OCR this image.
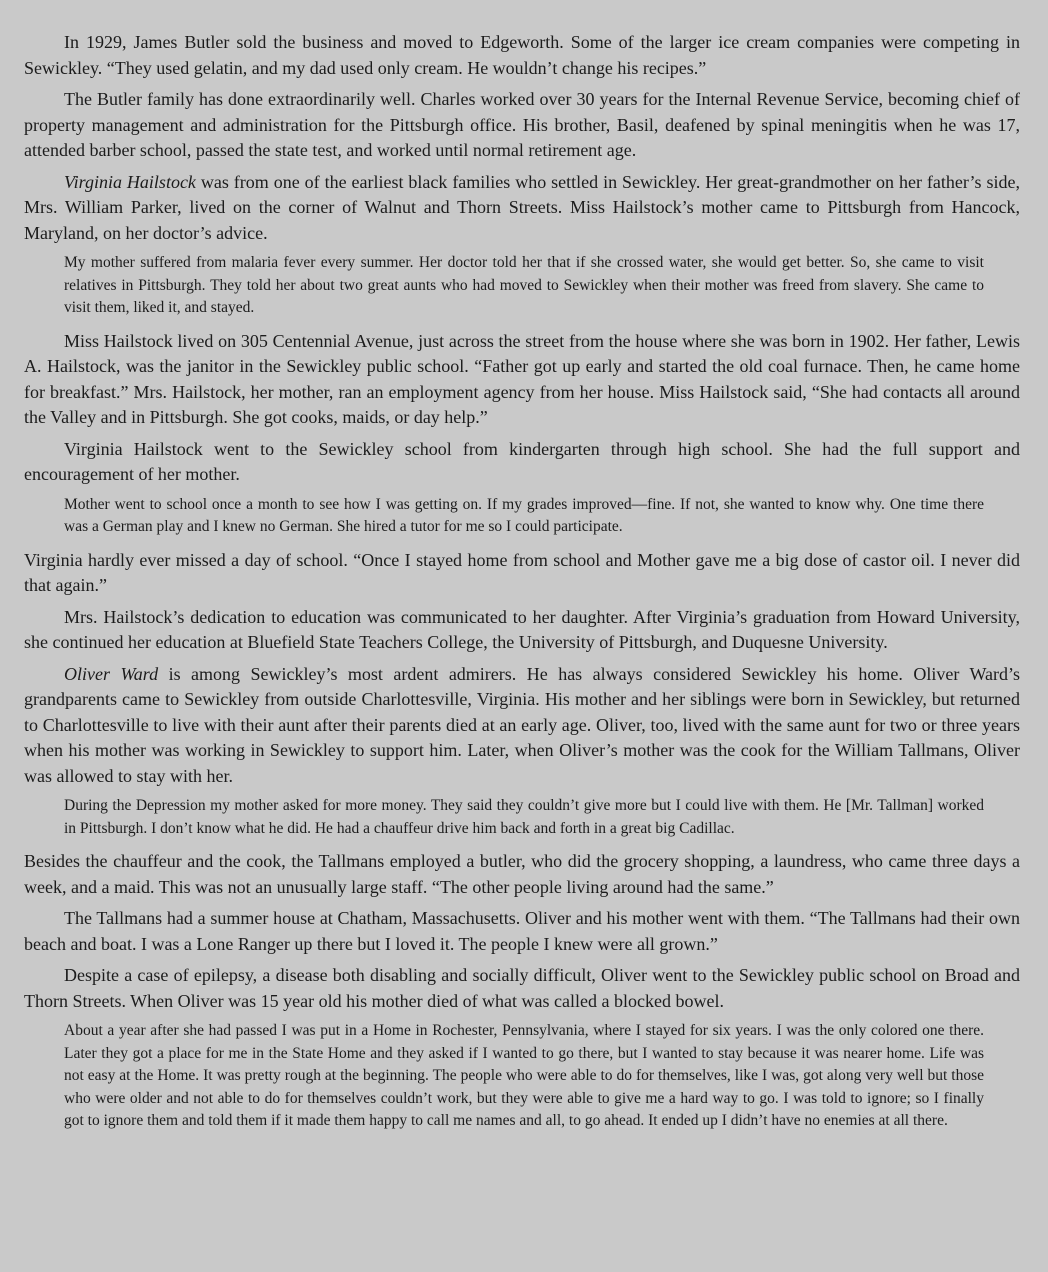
In 1929, James Butler sold the business and moved to Edgeworth. Some of the larger ice cream companies were competing in Sewickley. “They used gelatin, and my dad used only cream. He wouldn’t change his recipes.”

The Butler family has done extraordinarily well. Charles worked over 30 years for the Internal Revenue Service, becoming chief of property management and administration for the Pittsburgh office. His brother, Basil, deafened by spinal meningitis when he was 17, attended barber school, passed the state test, and worked until normal retirement age.

Virginia Hailstock was from one of the earliest black families who settled in Sewickley. Her great-grandmother on her father’s side, Mrs. William Parker, lived on the corner of Walnut and Thorn Streets. Miss Hailstock’s mother came to Pittsburgh from Hancock, Maryland, on her doctor’s advice.

My mother suffered from malaria fever every summer. Her doctor told her that if she crossed water, she would get better. So, she came to visit relatives in Pittsburgh. They told her about two great aunts who had moved to Sewickley when their mother was freed from slavery. She came to visit them, liked it, and stayed.

Miss Hailstock lived on 305 Centennial Avenue, just across the street from the house where she was born in 1902. Her father, Lewis A. Hailstock, was the janitor in the Sewickley public school. “Father got up early and started the old coal furnace. Then, he came home for breakfast.” Mrs. Hailstock, her mother, ran an employment agency from her house. Miss Hailstock said, “She had contacts all around the Valley and in Pittsburgh. She got cooks, maids, or day help.”

Virginia Hailstock went to the Sewickley school from kindergarten through high school. She had the full support and encouragement of her mother.

Mother went to school once a month to see how I was getting on. If my grades improved—fine. If not, she wanted to know why. One time there was a German play and I knew no German. She hired a tutor for me so I could participate.

Virginia hardly ever missed a day of school. “Once I stayed home from school and Mother gave me a big dose of castor oil. I never did that again.”

Mrs. Hailstock’s dedication to education was communicated to her daughter. After Virginia’s graduation from Howard University, she continued her education at Bluefield State Teachers College, the University of Pittsburgh, and Duquesne University.

Oliver Ward is among Sewickley’s most ardent admirers. He has always considered Sewickley his home. Oliver Ward’s grandparents came to Sewickley from outside Charlottesville, Virginia. His mother and her siblings were born in Sewickley, but returned to Charlottesville to live with their aunt after their parents died at an early age. Oliver, too, lived with the same aunt for two or three years when his mother was working in Sewickley to support him. Later, when Oliver’s mother was the cook for the William Tallmans, Oliver was allowed to stay with her.

During the Depression my mother asked for more money. They said they couldn’t give more but I could live with them. He [Mr. Tallman] worked in Pittsburgh. I don’t know what he did. He had a chauffeur drive him back and forth in a great big Cadillac.

Besides the chauffeur and the cook, the Tallmans employed a butler, who did the grocery shopping, a laundress, who came three days a week, and a maid. This was not an unusually large staff. “The other people living around had the same.”

The Tallmans had a summer house at Chatham, Massachusetts. Oliver and his mother went with them. “The Tallmans had their own beach and boat. I was a Lone Ranger up there but I loved it. The people I knew were all grown.”

Despite a case of epilepsy, a disease both disabling and socially difficult, Oliver went to the Sewickley public school on Broad and Thorn Streets. When Oliver was 15 year old his mother died of what was called a blocked bowel.

About a year after she had passed I was put in a Home in Rochester, Pennsylvania, where I stayed for six years. I was the only colored one there. Later they got a place for me in the State Home and they asked if I wanted to go there, but I wanted to stay because it was nearer home. Life was not easy at the Home. It was pretty rough at the beginning. The people who were able to do for themselves, like I was, got along very well but those who were older and not able to do for themselves couldn’t work, but they were able to give me a hard way to go. I was told to ignore; so I finally got to ignore them and told them if it made them happy to call me names and all, to go ahead. It ended up I didn’t have no enemies at all there.
